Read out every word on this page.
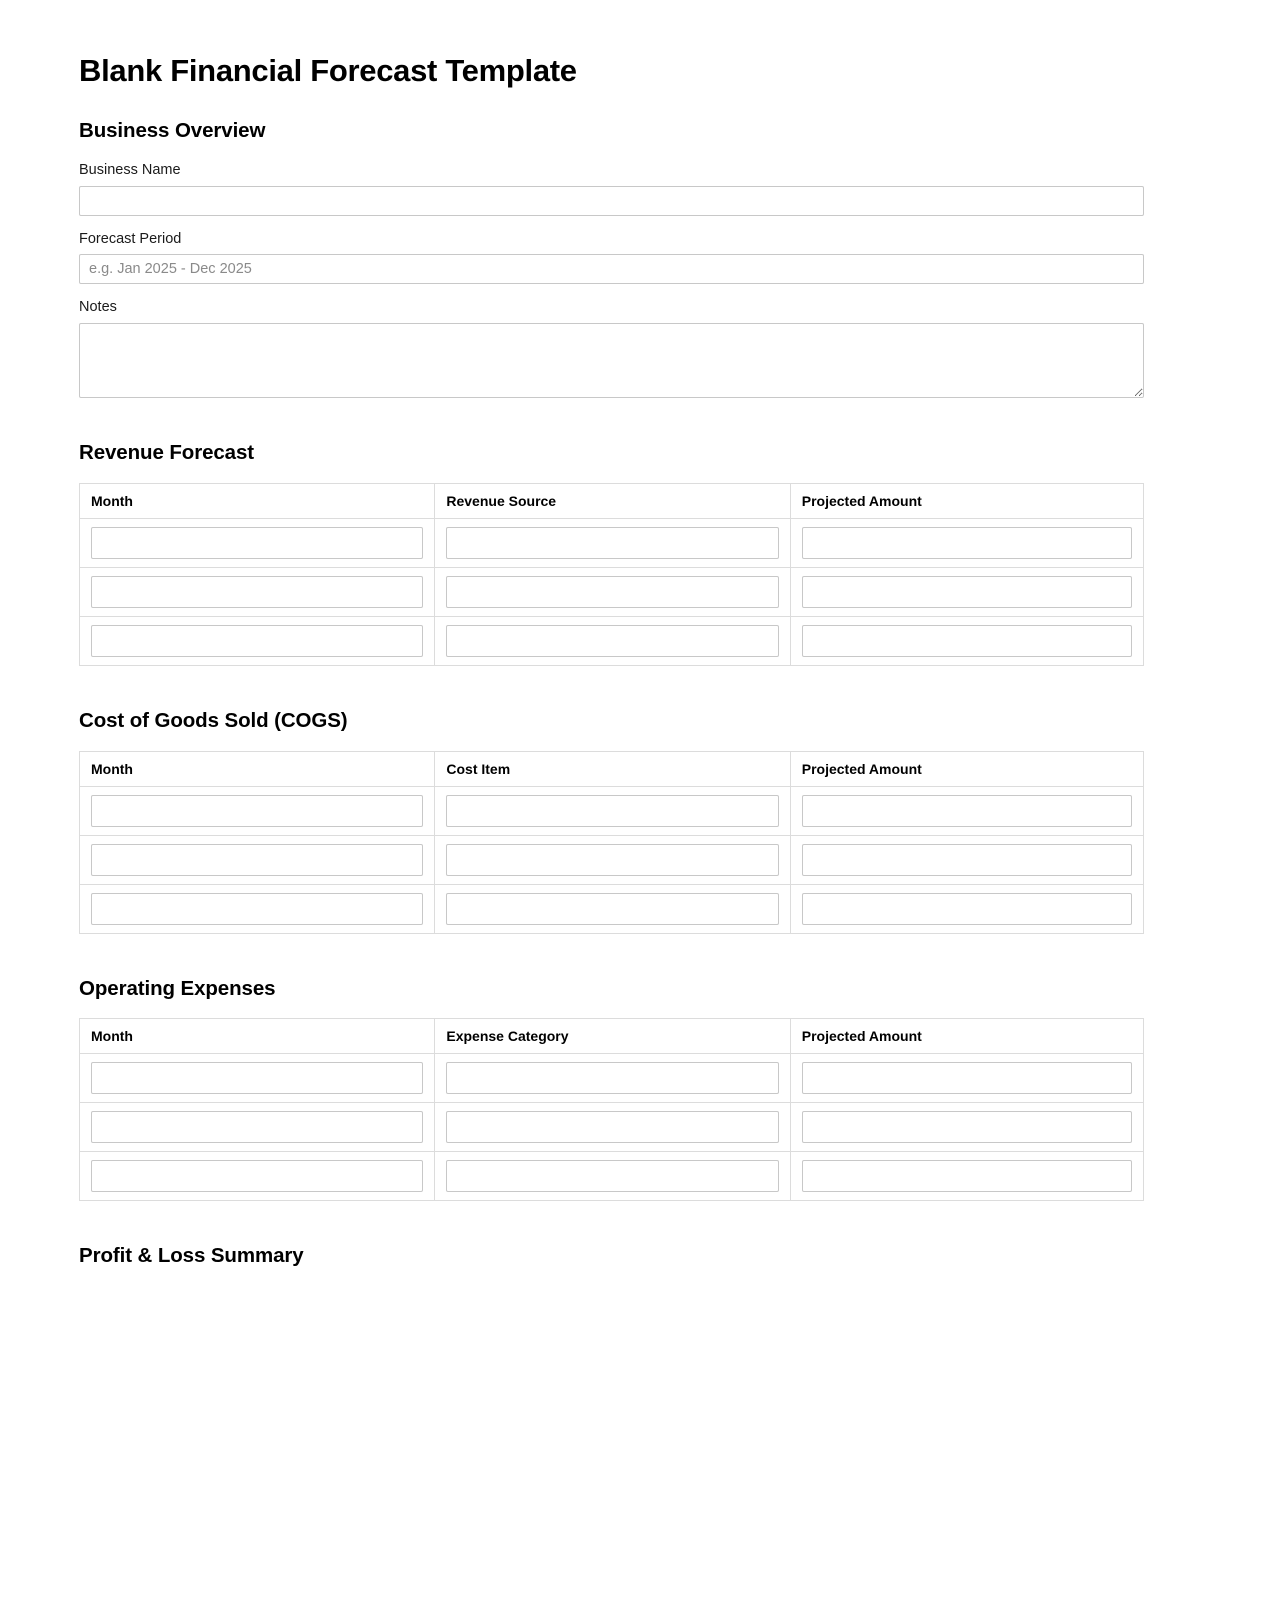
Blank Financial Forecast Template
Business Overview
Business Name
Forecast Period
e.g. Jan 2025 - Dec 2025
Notes
Revenue Forecast
Month	Revenue Source	Projected Amount

Cost of Goods Sold (COGS)
Month	Cost Item	Projected Amount

Operating Expenses
Month	Expense Category	Projected Amount

Profit & Loss Summary
